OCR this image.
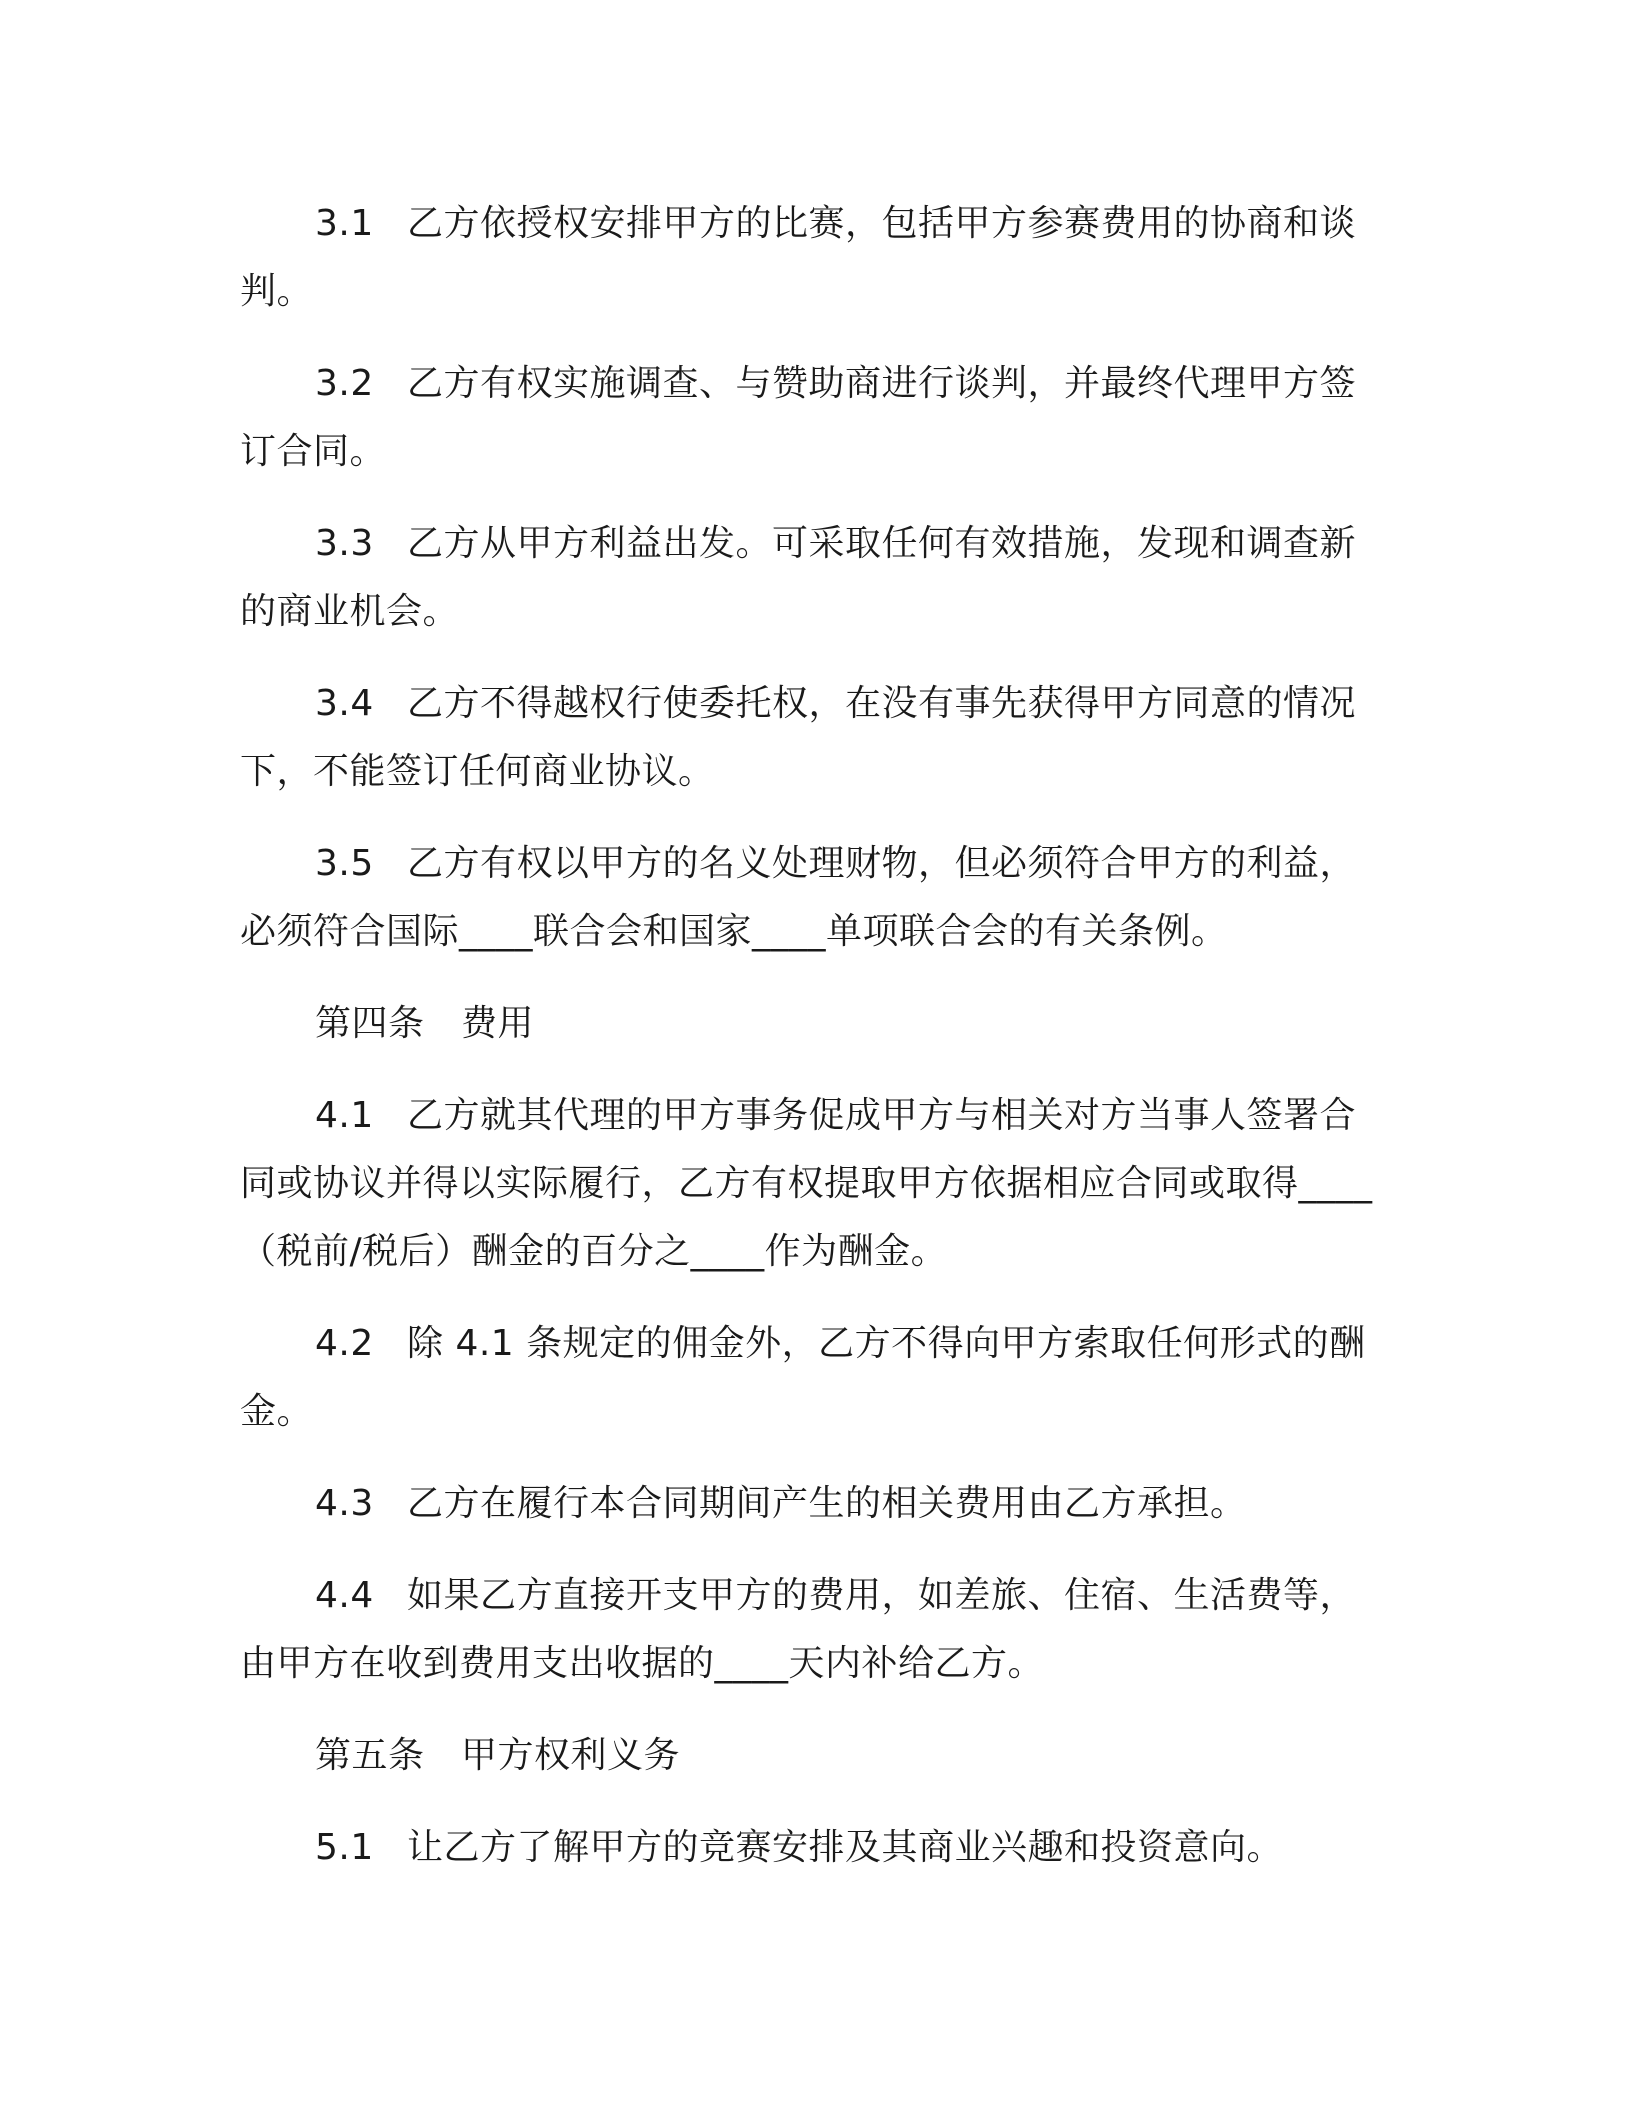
3.1 乙方依授权安排甲方的比赛，包括甲方参赛费用的协商和谈判。

3.2 乙方有权实施调查、与赞助商进行谈判，并最终代理甲方签订合同。

3.3 乙方从甲方利益出发。可采取任何有效措施，发现和调查新的商业机会。

3.4 乙方不得越权行使委托权，在没有事先获得甲方同意的情况下，不能签订任何商业协议。

3.5 乙方有权以甲方的名义处理财物，但必须符合甲方的利益，必须符合国际____联合会和国家____单项联合会的有关条例。

第四条　费用

4.1 乙方就其代理的甲方事务促成甲方与相关对方当事人签署合同或协议并得以实际履行，乙方有权提取甲方依据相应合同或取得____（税前/税后）酬金的百分之____作为酬金。

4.2 除 4.1 条规定的佣金外，乙方不得向甲方索取任何形式的酬金。

4.3 乙方在履行本合同期间产生的相关费用由乙方承担。

4.4 如果乙方直接开支甲方的费用，如差旅、住宿、生活费等，由甲方在收到费用支出收据的____天内补给乙方。

第五条　甲方权利义务

5.1 让乙方了解甲方的竞赛安排及其商业兴趣和投资意向。
